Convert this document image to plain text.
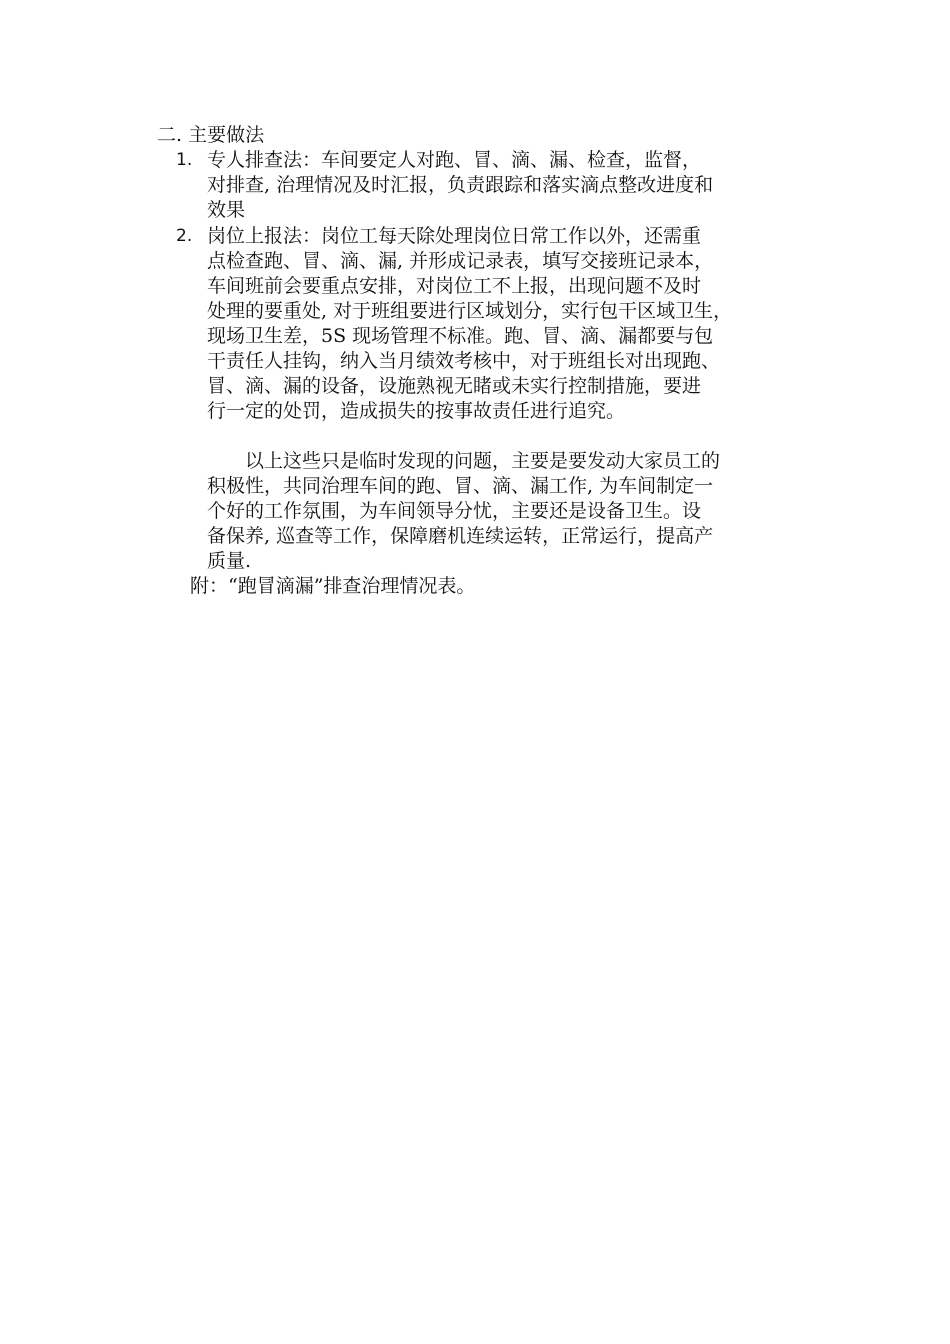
二. 主要做法
1. 专人排查法：车间要定人对跑、冒、滴、漏、检查，监督，
对排查, 治理情况及时汇报，负责跟踪和落实滴点整改进度和
效果
2. 岗位上报法：岗位工每天除处理岗位日常工作以外，还需重
点检查跑、冒、滴、漏, 并形成记录表，填写交接班记录本，
车间班前会要重点安排，对岗位工不上报，出现问题不及时
处理的要重处, 对于班组要进行区域划分，实行包干区域卫生，
现场卫生差，5S 现场管理不标准。跑、冒、滴、漏都要与包
干责任人挂钩，纳入当月绩效考核中，对于班组长对出现跑、
冒、滴、漏的设备，设施熟视无睹或未实行控制措施，要进
行一定的处罚，造成损失的按事故责任进行追究。
以上这些只是临时发现的问题，主要是要发动大家员工的
积极性，共同治理车间的跑、冒、滴、漏工作, 为车间制定一
个好的工作氛围，为车间领导分忧，主要还是设备卫生。设
备保养, 巡查等工作，保障磨机连续运转，正常运行，提高产
质量.
附：“跑冒滴漏”排查治理情况表。
